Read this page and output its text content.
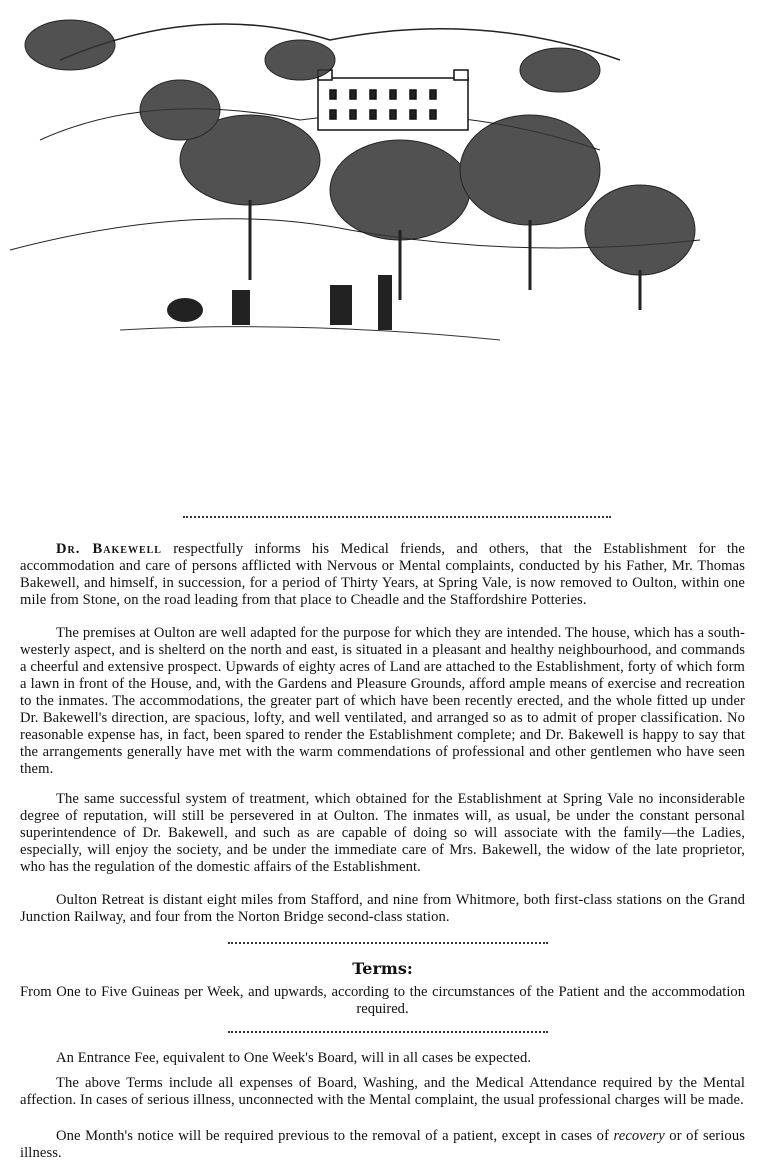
Dr. Bakewell respectfully informs his Medical friends, and others, that the Establishment for the accommodation and care of persons afflicted with Nervous or Mental complaints, conducted by his Father, Mr. Thomas Bakewell, and himself, in succession, for a period of Thirty Years, at Spring Vale, is now removed to Oulton, within one mile from Stone, on the road leading from that place to Cheadle and the Staffordshire Potteries.

The premises at Oulton are well adapted for the purpose for which they are intended. The house, which has a south-westerly aspect, and is shelterd on the north and east, is situated in a pleasant and healthy neighbourhood, and commands a cheerful and extensive prospect. Upwards of eighty acres of Land are attached to the Establishment, forty of which form a lawn in front of the House, and, with the Gardens and Pleasure Grounds, afford ample means of exercise and recreation to the inmates. The accommodations, the greater part of which have been recently erected, and the whole fitted up under Dr. Bakewell's direction, are spacious, lofty, and well ventilated, and arranged so as to admit of proper classification. No reasonable expense has, in fact, been spared to render the Establishment complete; and Dr. Bakewell is happy to say that the arrangements generally have met with the warm commendations of professional and other gentlemen who have seen them.

The same successful system of treatment, which obtained for the Establishment at Spring Vale no inconsiderable degree of reputation, will still be persevered in at Oulton. The inmates will, as usual, be under the constant personal superintendence of Dr. Bakewell, and such as are capable of doing so will associate with the family—the Ladies, especially, will enjoy the society, and be under the immediate care of Mrs. Bakewell, the widow of the late proprietor, who has the regulation of the domestic affairs of the Establishment.

Oulton Retreat is distant eight miles from Stafford, and nine from Whitmore, both first-class stations on the Grand Junction Railway, and four from the Norton Bridge second-class station.

Terms:
From One to Five Guineas per Week, and upwards, according to the circumstances of the Patient and the accommodation required.

An Entrance Fee, equivalent to One Week's Board, will in all cases be expected.

The above Terms include all expenses of Board, Washing, and the Medical Attendance required by the Mental affection. In cases of serious illness, unconnected with the Mental complaint, the usual professional charges will be made.

One Month's notice will be required previous to the removal of a patient, except in cases of recovery or of serious illness.
